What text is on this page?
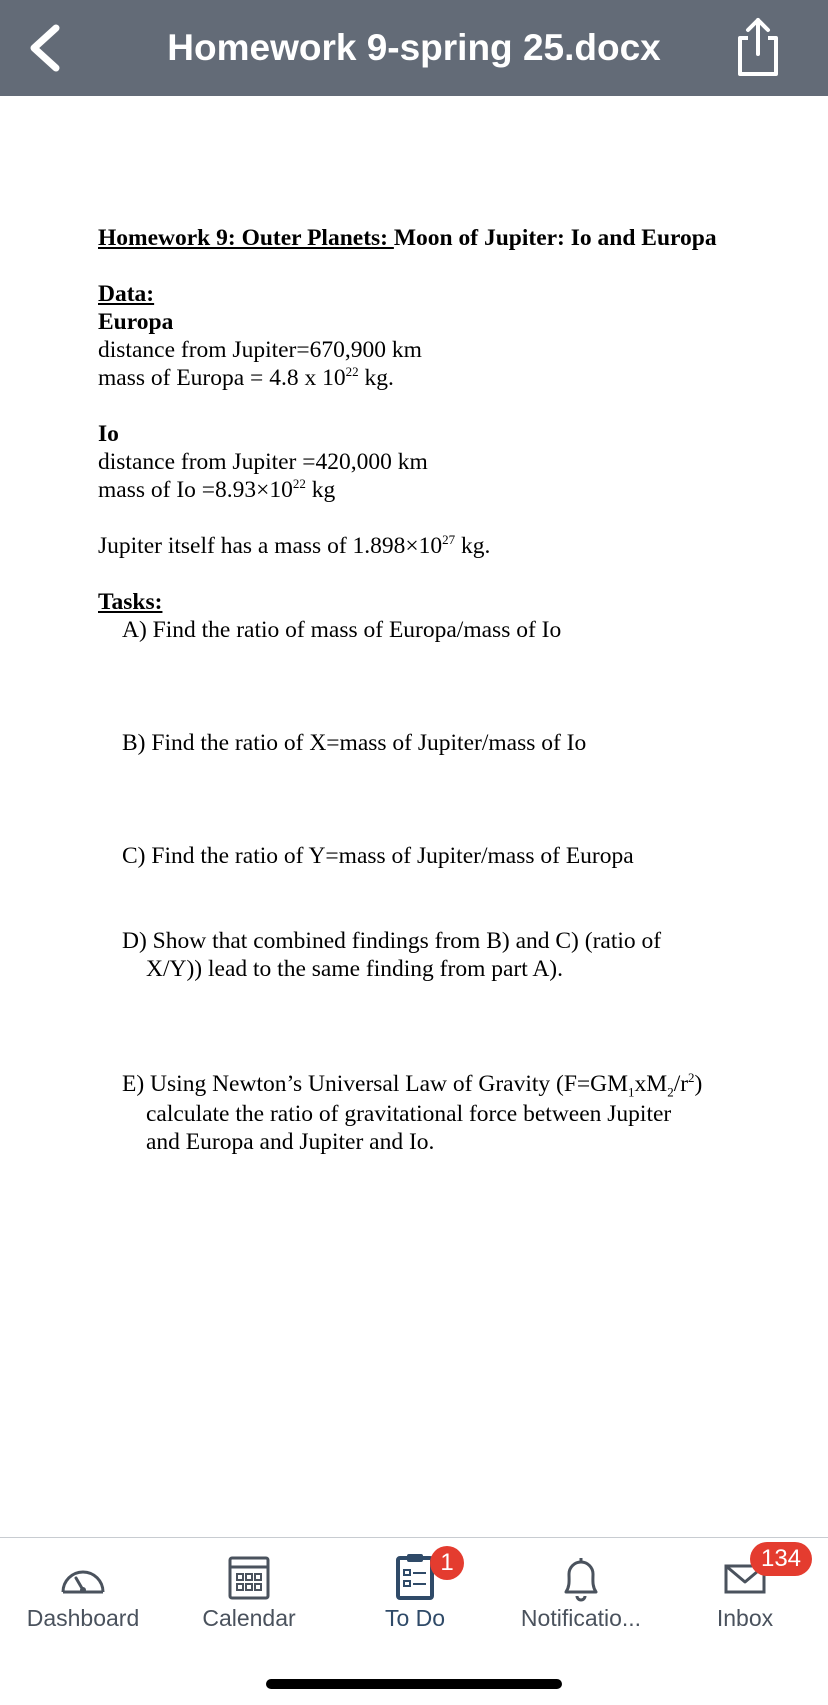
Homework 9-spring 25.docx

Homework 9: Outer Planets: Moon of Jupiter: Io and Europa

Data:

Europa

distance from Jupiter=670,900 km

mass of Europa = 4.8 x $10^{22}$ kg.

Io

distance from Jupiter =420,000 km

mass of $Io =8.93\times 10^{22}$ kg

Jupiter itself has a mass of $1.898\times 10^{27}$ kg.

Tasks:

A) Find the ratio of mass of Europa/mass of Io

B) Find the ratio of X=mass of Jupiter/mass of Io

C) Find the ratio of Y=mass of Jupiter/mass of Europa

D) Show that combined findings from B) and C) (ratio of

X/Y)) lead to the same finding from part A).

E) Using Newton’s Universal Law of Gravity $(F=GM_1xM_2/r^2)$

calculate the ratio of gravitational force between Jupiter

and Europa and Jupiter and Io.

Dashboard	Calendar
1
To Do	Notificatio...
134
Inbox
